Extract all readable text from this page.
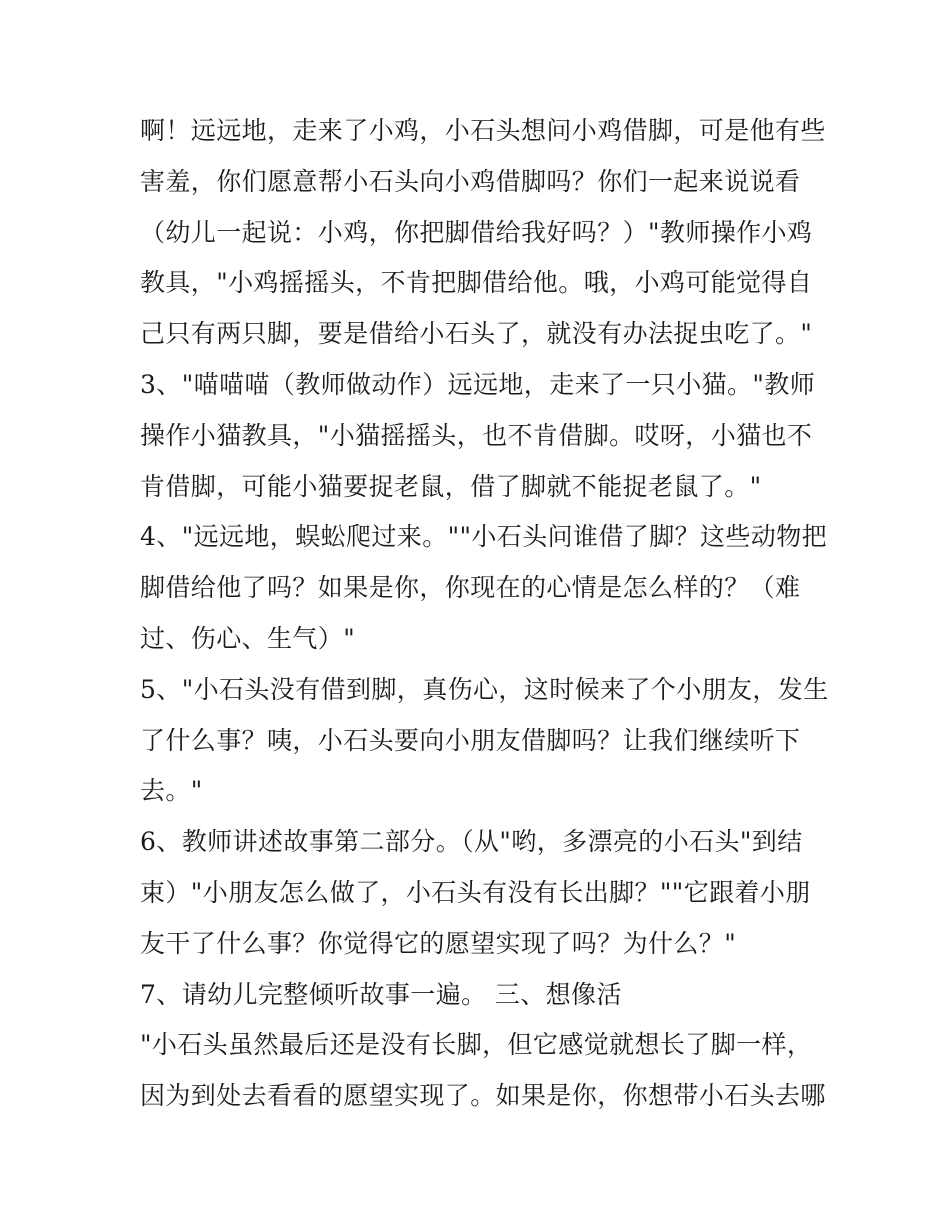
啊！远远地，走来了小鸡，小石头想问小鸡借脚，可是他有些
害羞，你们愿意帮小石头向小鸡借脚吗？你们一起来说说看
（幼儿一起说：小鸡，你把脚借给我好吗？）"教师操作小鸡
教具，"小鸡摇摇头，不肯把脚借给他。哦，小鸡可能觉得自
己只有两只脚，要是借给小石头了，就没有办法捉虫吃了。"
3、"喵喵喵（教师做动作）远远地，走来了一只小猫。"教师
操作小猫教具，"小猫摇摇头，也不肯借脚。哎呀，小猫也不
肯借脚，可能小猫要捉老鼠，借了脚就不能捉老鼠了。"
4、"远远地，蜈蚣爬过来。""小石头问谁借了脚？这些动物把
脚借给他了吗？如果是你，你现在的心情是怎么样的？（难
过、伤心、生气）"
5、"小石头没有借到脚，真伤心，这时候来了个小朋友，发生
了什么事？咦，小石头要向小朋友借脚吗？让我们继续听下
去。"
6、教师讲述故事第二部分。（从"哟，多漂亮的小石头"到结
束）"小朋友怎么做了，小石头有没有长出脚？""它跟着小朋
友干了什么事？你觉得它的愿望实现了吗？为什么？"
7、请幼儿完整倾听故事一遍。 三、想像活
"小石头虽然最后还是没有长脚，但它感觉就想长了脚一样，
因为到处去看看的愿望实现了。如果是你，你想带小石头去哪
